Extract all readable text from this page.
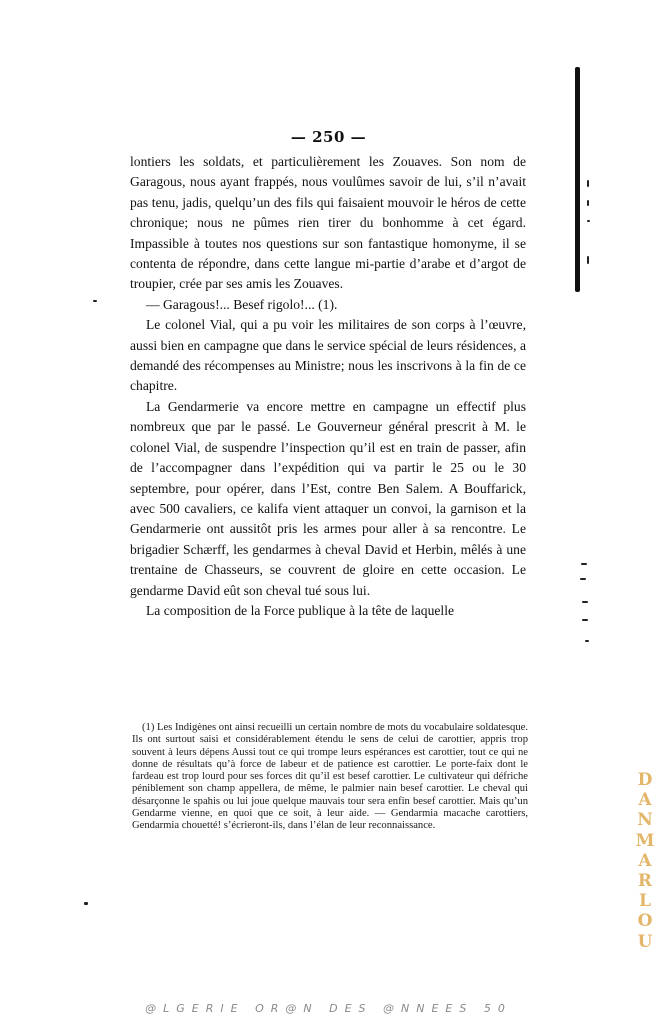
— 250 —

lontiers les soldats, et particulièrement les Zouaves. Son nom de Garagous, nous ayant frappés, nous voulûmes savoir de lui, s’il n’avait pas tenu, jadis, quelqu’un des fils qui faisaient mouvoir le héros de cette chronique; nous ne pûmes rien tirer du bonhomme à cet égard. Impassible à toutes nos questions sur son fantastique homonyme, il se contenta de répondre, dans cette langue mi-partie d’arabe et d’argot de troupier, crée par ses amis les Zouaves.

— Garagous!... Besef rigolo!... (1).

Le colonel Vial, qui a pu voir les militaires de son corps à l’œuvre, aussi bien en campagne que dans le service spécial de leurs résidences, a demandé des récompenses au Ministre; nous les inscrivons à la fin de ce chapitre.

La Gendarmerie va encore mettre en campagne un effectif plus nombreux que par le passé. Le Gouverneur général prescrit à M. le colonel Vial, de suspendre l’inspection qu’il est en train de passer, afin de l’accompagner dans l’expédition qui va partir le 25 ou le 30 septembre, pour opérer, dans l’Est, contre Ben Salem. A Bouffarick, avec 500 cavaliers, ce kalifa vient attaquer un convoi, la garnison et la Gendarmerie ont aussitôt pris les armes pour aller à sa rencontre. Le brigadier Schærff, les gendarmes à cheval David et Herbin, mêlés à une trentaine de Chasseurs, se couvrent de gloire en cette occasion. Le gendarme David eût son cheval tué sous lui.

La composition de la Force publique à la tête de laquelle

(1) Les Indigènes ont ainsi recueilli un certain nombre de mots du vocabulaire soldatesque. Ils ont surtout saisi et considérablement étendu le sens de celui de carottier, appris trop souvent à leurs dépens Aussi tout ce qui trompe leurs espérances est carottier, tout ce qui ne donne de résultats qu’à force de labeur et de patience est carottier. Le porte-faix dont le fardeau est trop lourd pour ses forces dit qu’il est besef carottier. Le cultivateur qui défriche péniblement son champ appellera, de même, le palmier nain besef carottier. Le cheval qui désarçonne le spahis ou lui joue quelque mauvais tour sera enfin besef carottier. Mais qu’un Gendarme vienne, en quoi que ce soit, à leur aide. — Gendarmia macache carottiers, Gendarmia chouetté! s’écrieront-ils, dans l’élan de leur reconnaissance.

@LGERIE OR@N DES @NNEES 50
DANMARLOU
